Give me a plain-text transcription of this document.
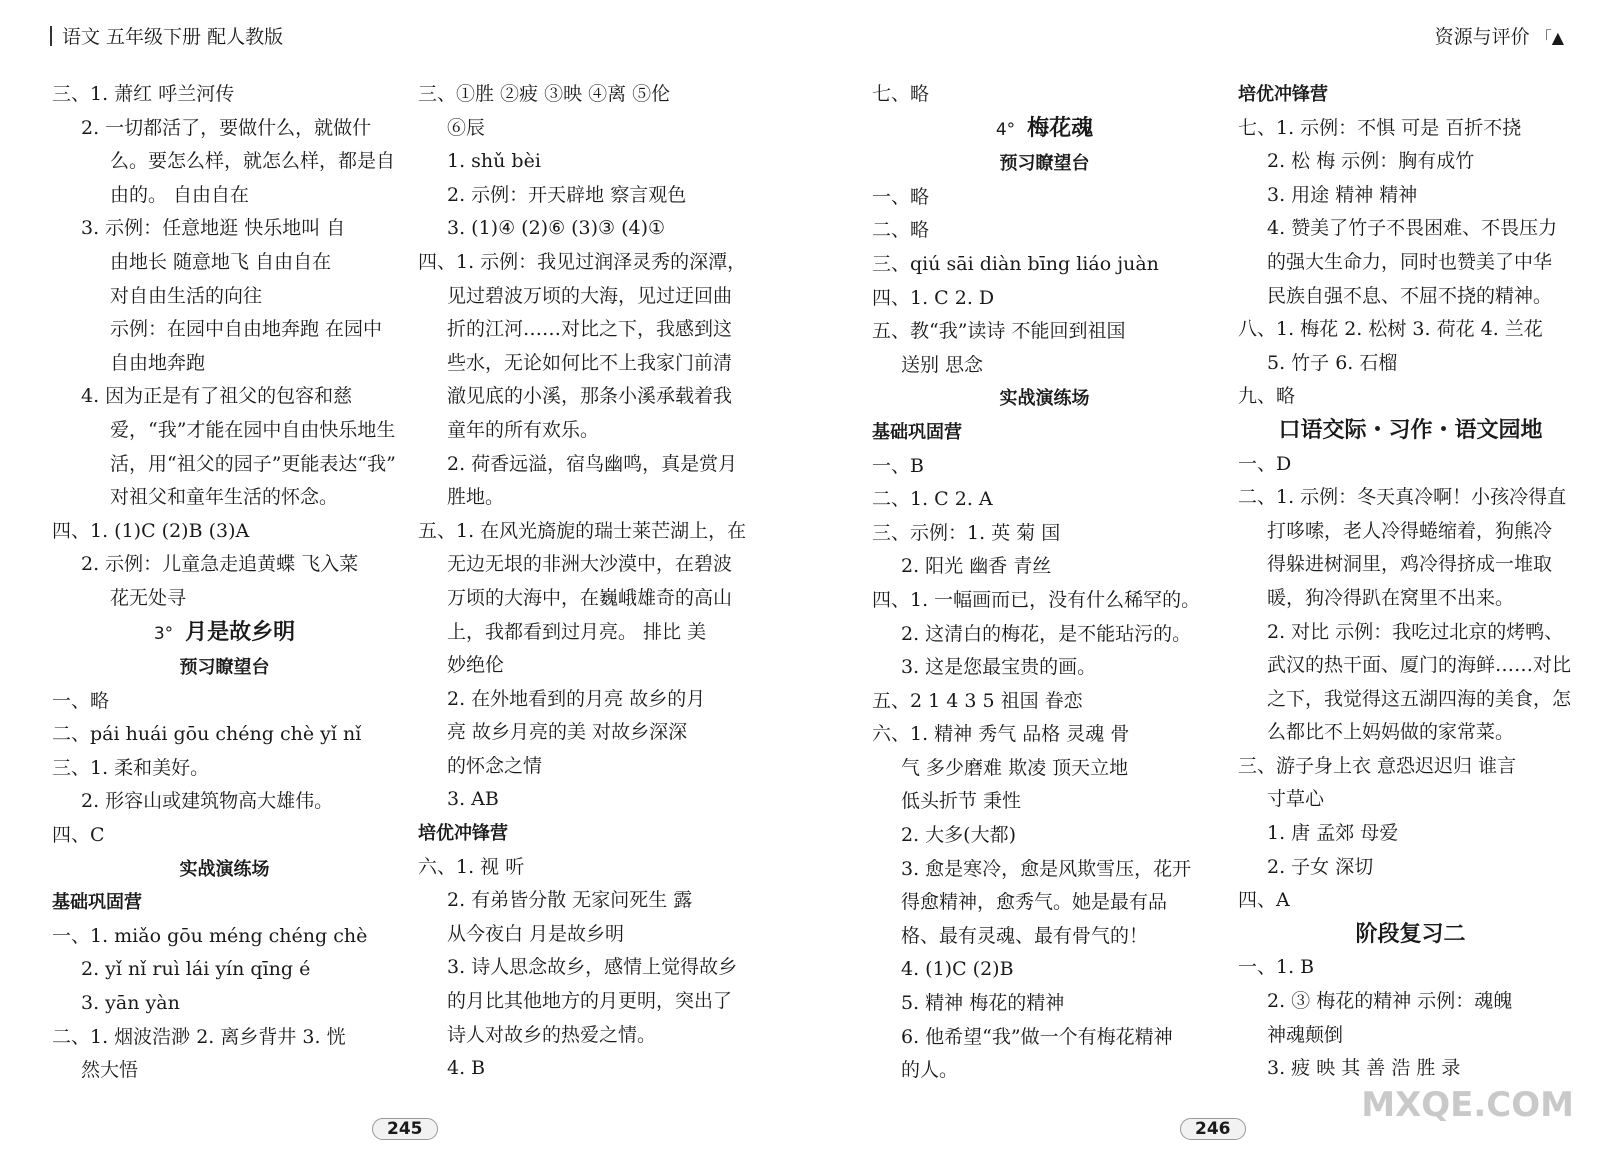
语文 五年级下册 配人教版	资源与评价 「▲
三、1. 萧红 呼兰河传
2. 一切都活了，要做什么，就做什
么。要怎么样，就怎么样，都是自
由的。 自由自在
3. 示例：任意地逛 快乐地叫 自
由地长 随意地飞 自由自在
对自由生活的向往
示例：在园中自由地奔跑 在园中
自由地奔跑
4. 因为正是有了祖父的包容和慈
爱，“我”才能在园中自由快乐地生
活，用“祖父的园子”更能表达“我”
对祖父和童年生活的怀念。
四、1. (1)C (2)B (3)A
2. 示例：儿童急走追黄蝶 飞入菜
花无处寻
3° 月是故乡明
预习瞭望台
一、略
二、pái huái gōu chéng chè yǐ nǐ
三、1. 柔和美好。
2. 形容山或建筑物高大雄伟。
四、C
实战演练场
基础巩固营
一、1. miǎo gōu méng chéng chè
2. yǐ nǐ ruì lái yín qīng é
3. yān yàn
二、1. 烟波浩渺 2. 离乡背井 3. 恍
然大悟
三、①胜 ②疲 ③映 ④离 ⑤伦
⑥辰
1. shǔ bèi
2. 示例：开天辟地 察言观色
3. (1)④ (2)⑥ (3)③ (4)①
四、1. 示例：我见过润泽灵秀的深潭，
见过碧波万顷的大海，见过迂回曲
折的江河……对比之下，我感到这
些水，无论如何比不上我家门前清
澈见底的小溪，那条小溪承载着我
童年的所有欢乐。
2. 荷香远溢，宿鸟幽鸣，真是赏月
胜地。
五、1. 在风光旖旎的瑞士莱芒湖上，在
无边无垠的非洲大沙漠中，在碧波
万顷的大海中，在巍峨雄奇的高山
上，我都看到过月亮。 排比 美
妙绝伦
2. 在外地看到的月亮 故乡的月
亮 故乡月亮的美 对故乡深深
的怀念之情
3. AB
培优冲锋营
六、1. 视 听
2. 有弟皆分散 无家问死生 露
从今夜白 月是故乡明
3. 诗人思念故乡，感情上觉得故乡
的月比其他地方的月更明，突出了
诗人对故乡的热爱之情。
4. B
七、略
4° 梅花魂
预习瞭望台
一、略
二、略
三、qiú sāi diàn bīng liáo juàn
四、1. C 2. D
五、教“我”读诗 不能回到祖国
送别 思念
实战演练场
基础巩固营
一、B
二、1. C 2. A
三、示例：1. 英 菊 国
2. 阳光 幽香 青丝
四、1. 一幅画而已，没有什么稀罕的。
2. 这清白的梅花，是不能玷污的。
3. 这是您最宝贵的画。
五、2 1 4 3 5 祖国 眷恋
六、1. 精神 秀气 品格 灵魂 骨
气 多少磨难 欺凌 顶天立地
低头折节 秉性
2. 大多(大都)
3. 愈是寒冷，愈是风欺雪压，花开
得愈精神，愈秀气。她是最有品
格、最有灵魂、最有骨气的！
4. (1)C (2)B
5. 精神 梅花的精神
6. 他希望“我”做一个有梅花精神
的人。
培优冲锋营
七、1. 示例：不惧 可是 百折不挠
2. 松 梅 示例：胸有成竹
3. 用途 精神 精神
4. 赞美了竹子不畏困难、不畏压力
的强大生命力，同时也赞美了中华
民族自强不息、不屈不挠的精神。
八、1. 梅花 2. 松树 3. 荷花 4. 兰花
5. 竹子 6. 石榴
九、略
口语交际・习作・语文园地
一、D
二、1. 示例：冬天真冷啊！小孩冷得直
打哆嗦，老人冷得蜷缩着，狗熊冷
得躲进树洞里，鸡冷得挤成一堆取
暖，狗冷得趴在窝里不出来。
2. 对比 示例：我吃过北京的烤鸭、
武汉的热干面、厦门的海鲜……对比
之下，我觉得这五湖四海的美食，怎
么都比不上妈妈做的家常菜。
三、游子身上衣 意恐迟迟归 谁言
寸草心
1. 唐 孟郊 母爱
2. 子女 深切
四、A
阶段复习二
一、1. B
2. ③ 梅花的精神 示例：魂魄
神魂颠倒
3. 疲 映 其 善 浩 胜 录
245	246
MXQE.COM
